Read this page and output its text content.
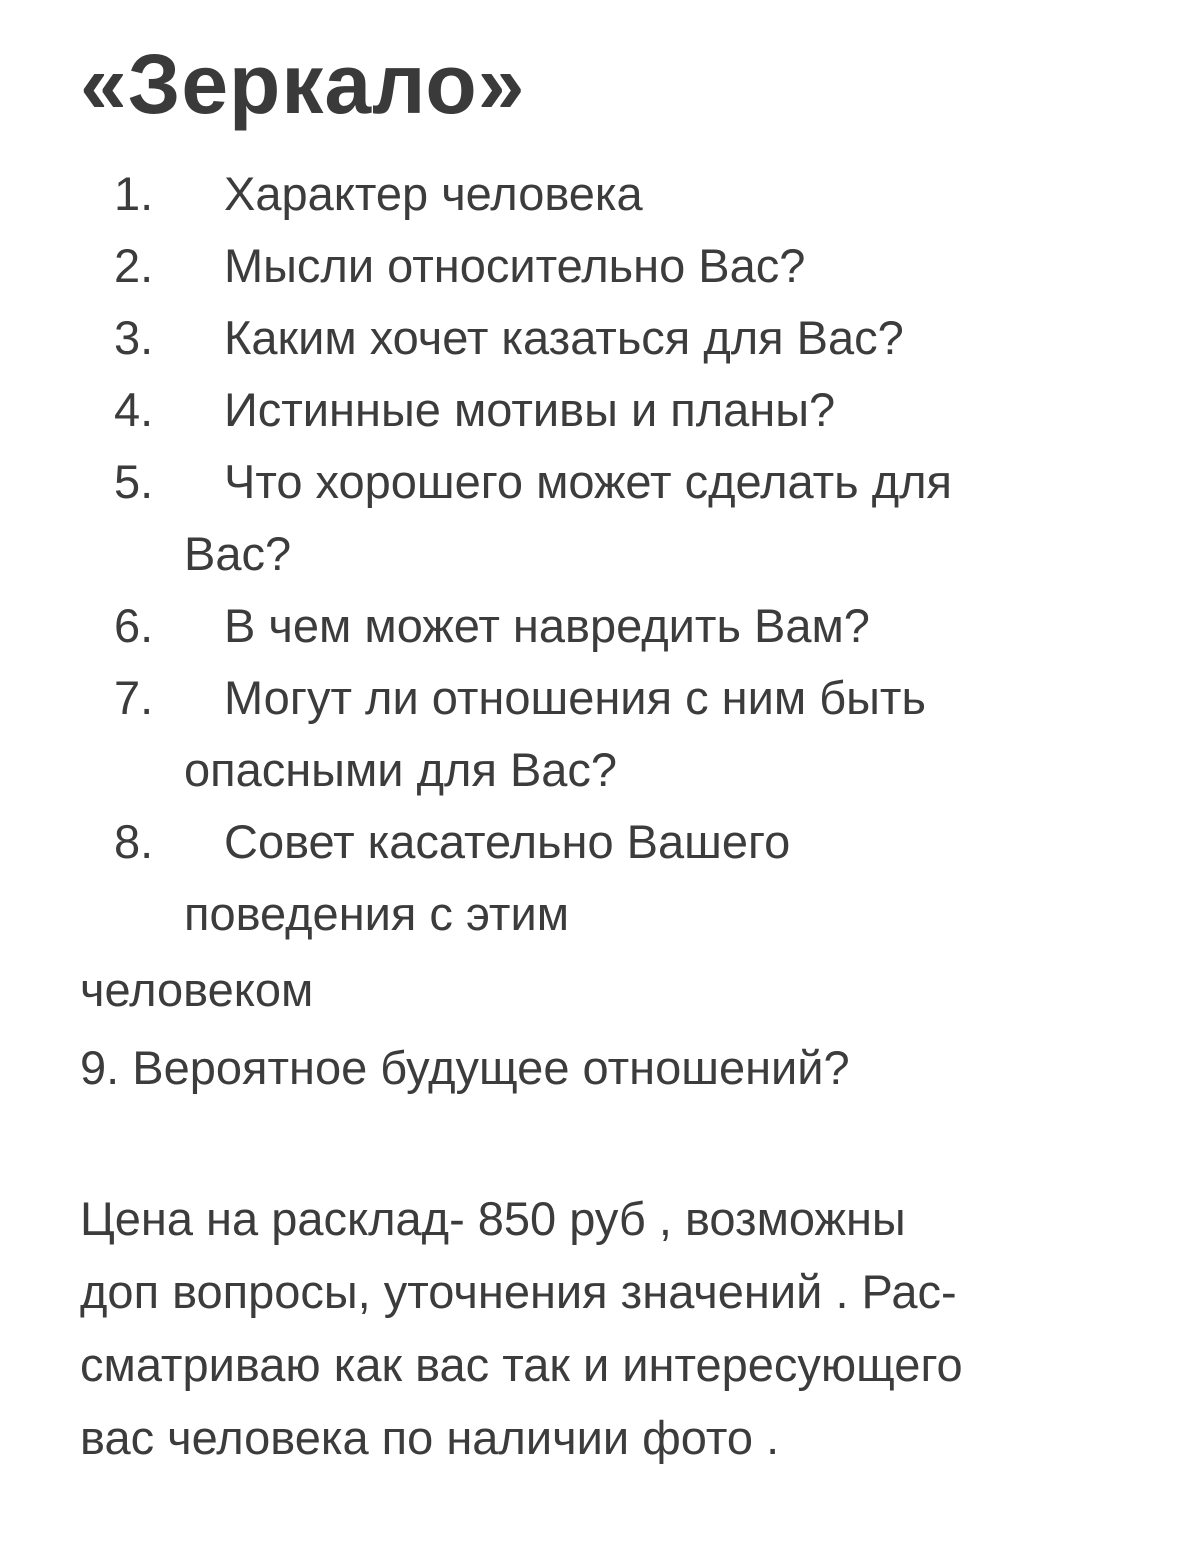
«Зеркало»
1. Характер человека
2. Мысли относительно Вас?
3. Каким хочет казаться для Вас?
4. Истинные мотивы и планы?
5. Что хорошего может сделать для
Вас?
6. В чем может навредить Вам?
7. Могут ли отношения с ним быть
опасными для Вас?
8. Совет касательно Вашего
поведения с этим
человеком
9. Вероятное будущее отношений?
Цена на расклад- 850 руб , возможны
доп вопросы, уточнения значений . Рас-
сматриваю как вас так и интересующего
вас человека по наличии фото .
